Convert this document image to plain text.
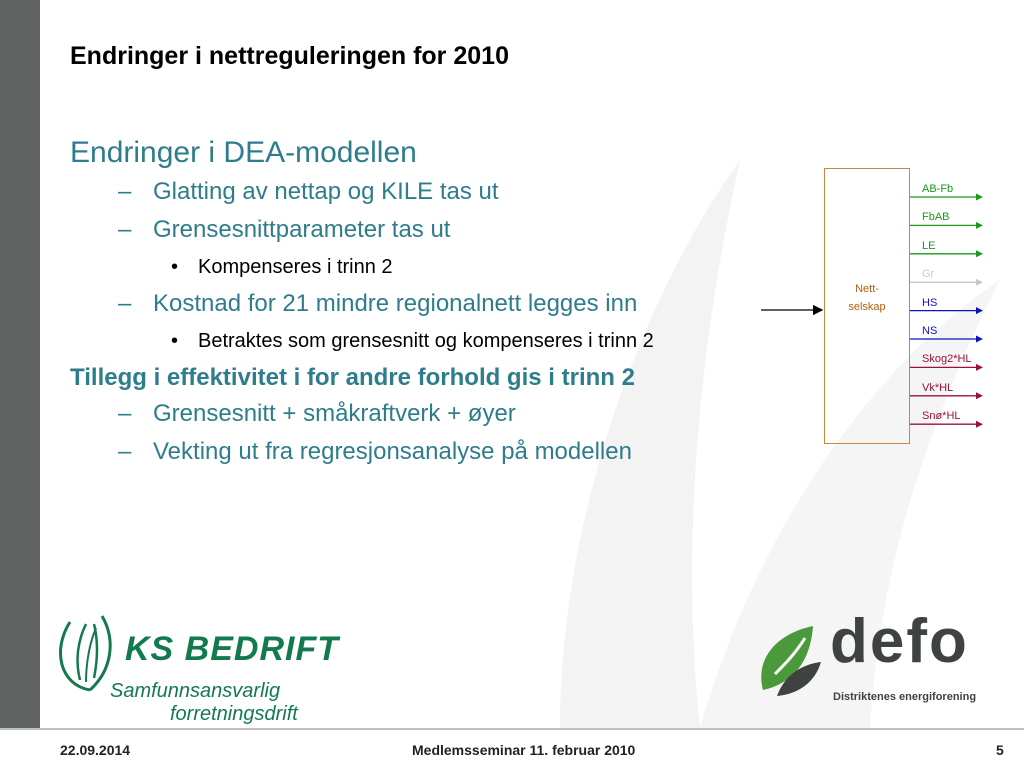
Endringer i nettreguleringen for 2010
Endringer i DEA-modellen
– Glatting av nettap og KILE tas ut
– Grensesnittparameter tas ut
• Kompenseres i trinn 2
– Kostnad for 21 mindre regionalnett legges inn
• Betraktes som grensesnitt og kompenseres i trinn 2
Tillegg i effektivitet i for andre forhold gis i trinn 2
– Grensesnitt + småkraftverk + øyer
– Vekting ut fra regresjonsanalyse på modellen
Nett-
selskap
AB-Fb
FbAB
LE
Gr
HS
NS
Skog2*HL
Vk*HL
Snø*HL
KS BEDRIFT
Samfunnsansvarlig
forretningsdrift
defo
Distriktenes energiforening
22.09.2014	Medlemsseminar 11. februar 2010	5
